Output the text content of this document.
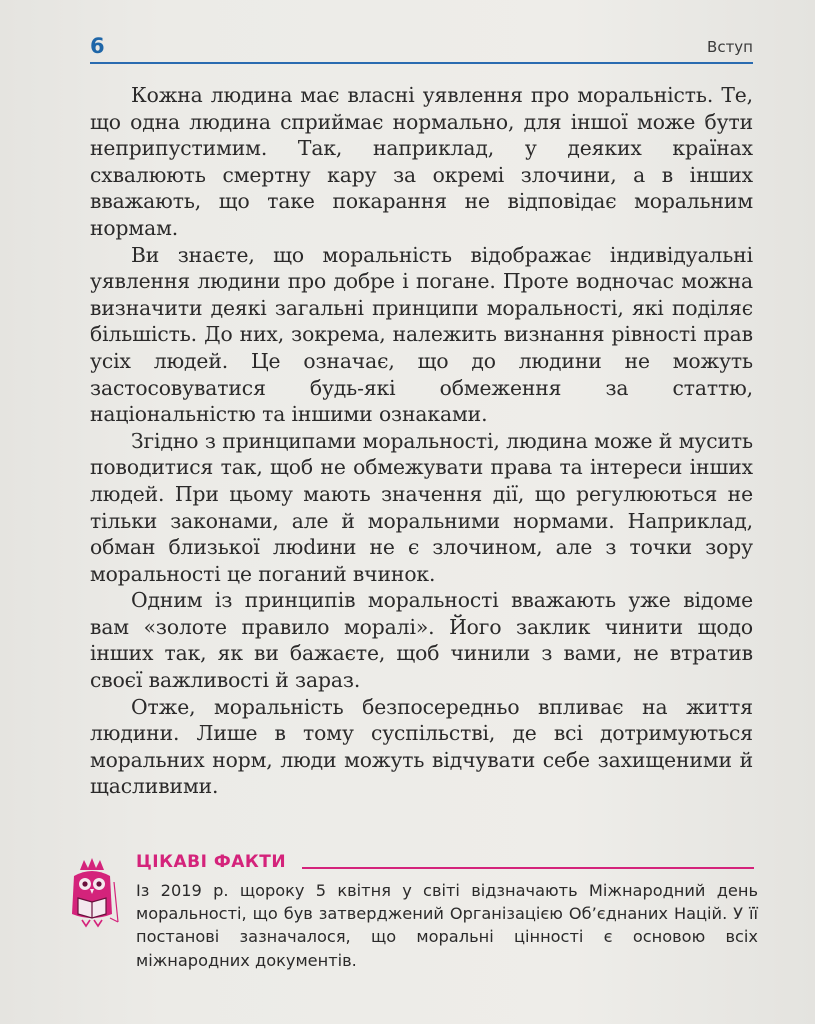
6	Вступ

Кожна людина має власні уявлення про моральність. Те, що одна людина сприймає нормально, для іншої може бути неприпустимим. Так, наприклад, у деяких країнах схвалюють смертну кару за окремі злочини, а в інших вважають, що таке покарання не відповідає моральним нормам.

Ви знаєте, що моральність відображає індивідуальні уявлення людини про добре і погане. Проте водночас можна визначити деякі загальні принципи моральності, які поділяє більшість. До них, зокрема, належить визнання рівності прав усіх людей. Це означає, що до людини не можуть застосовуватися будь-які обмеження за статтю, національністю та іншими ознаками.

Згідно з принципами моральності, людина може й мусить поводитися так, щоб не обмежувати права та інтереси інших людей. При цьому мають значення дії, що регулюються не тільки законами, але й моральними нормами. Наприклад, обман близької люdини не є злочином, але з точки зору моральності це поганий вчинок.

Одним із принципів моральності вважають уже відоме вам «золоте правило моралі». Його заклик чинити щодо інших так, як ви бажаєте, щоб чинили з вами, не втратив своєї важливості й зараз.

Отже, моральність безпосередньо впливає на життя людини. Лише в тому суспільстві, де всі дотримуються моральних норм, люди можуть відчувати себе захищеними й щасливими.

ЦІКАВІ ФАКТИ

Із 2019 р. щороку 5 квітня у світі відзначають Міжнародний день моральності, що був затверджений Організацією Об’єднаних Націй. У її постанові зазначалося, що моральні цінності є основою всіх міжнародних документів.
